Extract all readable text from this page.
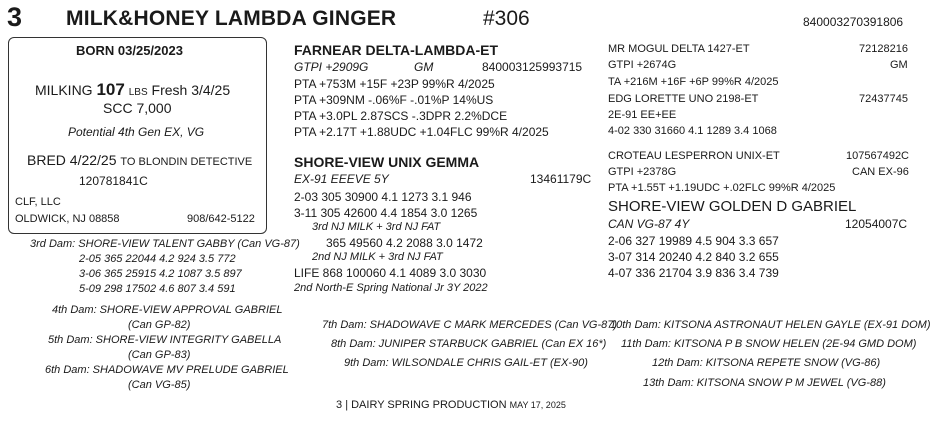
3 MILK&HONEY LAMBDA GINGER	#306	840003270391806
BORN 03/25/2023
MILKING 107 LBS Fresh 3/4/25
SCC 7,000
Potential 4th Gen EX, VG
BRED 4/22/25 TO BLONDIN DETECTIVE
120781841C
CLF, LLC
OLDWICK, NJ 08858	908/642-5122
FARNEAR DELTA-LAMBDA-ET
GTPI +2909G	GM	840003125993715
PTA +753M +15F +23P 99%R 4/2025
PTA +309NM -.06%F -.01%P 14%US
PTA +3.0PL 2.87SCS -.3DPR 2.2%DCE
PTA +2.17T +1.88UDC +1.04FLC 99%R 4/2025
MR MOGUL DELTA 1427-ET	72128216
GTPI +2674G	GM
TA +216M +16F +6P 99%R 4/2025
EDG LORETTE UNO 2198-ET	72437745
2E-91 EE+EE
4-02 330 31660 4.1 1289 3.4 1068
SHORE-VIEW UNIX GEMMA
EX-91 EEEVE 5Y	13461179C
2-03 305 30900 4.1 1273 3.1 946
3-11 305 42600 4.4 1854 3.0 1265
3rd NJ MILK + 3rd NJ FAT
365 49560 4.2 2088 3.0 1472
2nd NJ MILK + 3rd NJ FAT
LIFE 868 100060 4.1 4089 3.0 3030
2nd North-E Spring National Jr 3Y 2022
CROTEAU LESPERRON UNIX-ET	107567492C
GTPI +2378G	CAN EX-96
PTA +1.55T +1.19UDC +.02FLC 99%R 4/2025
SHORE-VIEW GOLDEN D GABRIEL
CAN VG-87 4Y	12054007C
2-06 327 19989 4.5 904 3.3 657
3-07 314 20240 4.2 840 3.2 655
4-07 336 21704 3.9 836 3.4 739
3rd Dam: SHORE-VIEW TALENT GABBY (Can VG-87)
2-05 365 22044 4.2 924 3.5 772
3-06 365 25915 4.2 1087 3.5 897
5-09 298 17502 4.6 807 3.4 591
4th Dam: SHORE-VIEW APPROVAL GABRIEL
(Can GP-82)
5th Dam: SHORE-VIEW INTEGRITY GABELLA
(Can GP-83)
6th Dam: SHADOWAVE MV PRELUDE GABRIEL
(Can VG-85)
7th Dam: SHADOWAVE C MARK MERCEDES (Can VG-87)
8th Dam: JUNIPER STARBUCK GABRIEL (Can EX 16*)
9th Dam: WILSONDALE CHRIS GAIL-ET (EX-90)
10th Dam: KITSONA ASTRONAUT HELEN GAYLE (EX-91 DOM)
11th Dam: KITSONA P B SNOW HELEN (2E-94 GMD DOM)
12th Dam: KITSONA REPETE SNOW (VG-86)
13th Dam: KITSONA SNOW P M JEWEL (VG-88)
3 | DAIRY SPRING PRODUCTION MAY 17, 2025
